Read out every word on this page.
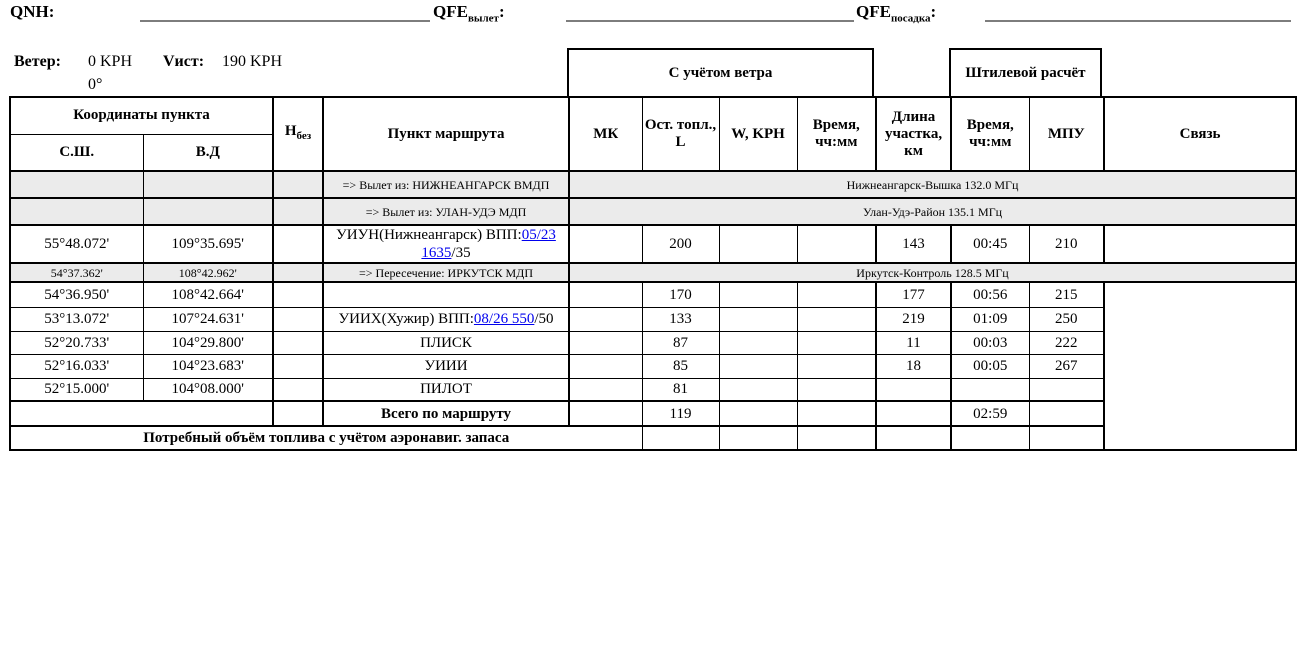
QNH:	$QFE_{вылет}$:	$QFE_{посадка}$:
Ветер: 0 KPH
0°
Vист: 190 KPH
С учётом ветра	Штилевой расчёт
Координаты пункта		$Н_{без}$	Пункт маршрута	МК	Ост. топл., L	W, KPH	Время, чч:мм	Длина участка, км	Время, чч:мм	МПУ	Связь
С.Ш.	В.Д										
			=> Вылет из: НИЖНЕАНГАРСК ВМДП	Нижнеангарск-Вышка 132.0 МГц							
			=> Вылет из: УЛАН-УДЭ МДП	Улан-Удэ-Район 135.1 МГц							
55°48.072'	109°35.695'		УИУН(Нижнеангарск) ВПП:05/23 1635/35		200			143	00:45	210	
54°37.362'	108°42.962'		=> Пересечение: ИРКУТСК МДП	Иркутск-Контроль 128.5 МГц							
54°36.950'	108°42.664'				170			177	00:56	215	
53°13.072'	107°24.631'		УИИХ(Хужир) ВПП:08/26 550/50		133			219	01:09	250	
52°20.733'	104°29.800'		ПЛИСК		87			11	00:03	222	
52°16.033'	104°23.683'		УИИИ		85			18	00:05	267	
52°15.000'	104°08.000'		ПИЛОТ		81						
			Всего по маршруту		119				02:59		
Потребный объём топлива с учётом аэронавиг. запаса											
